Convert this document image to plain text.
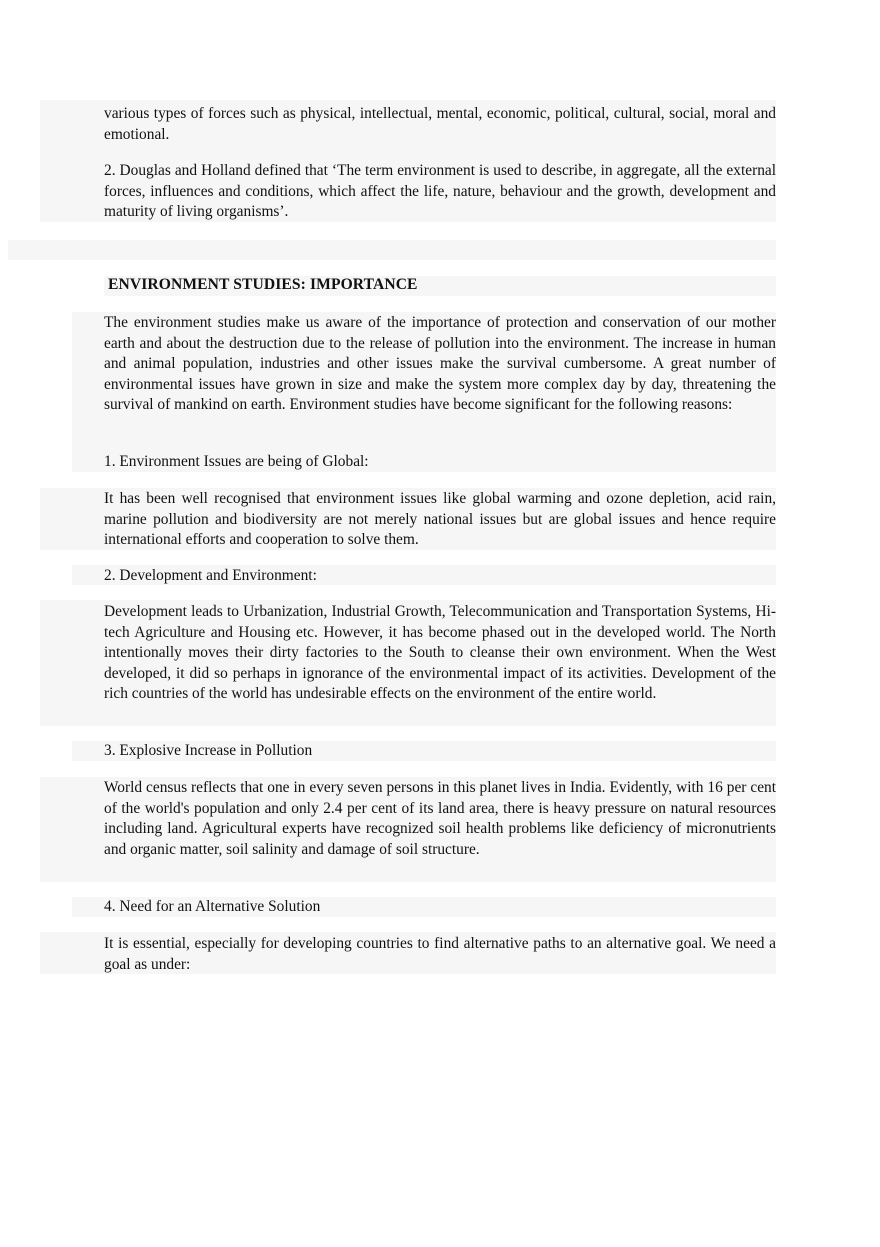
various types of forces such as physical, intellectual, mental, economic, political, cultural, social, moral and emotional.

2. Douglas and Holland defined that ‘The term environment is used to describe, in aggregate, all the external forces, influences and conditions, which affect the life, nature, behaviour and the growth, development and maturity of living organisms’.

ENVIRONMENT STUDIES: IMPORTANCE

The environment studies make us aware of the importance of protection and conservation of our mother earth and about the destruction due to the release of pollution into the environment. The increase in human and animal population, industries and other issues make the survival cumbersome. A great number of environmental issues have grown in size and make the system more complex day by day, threatening the survival of mankind on earth. Environment studies have become significant for the following reasons:

1. Environment Issues are being of Global:

It has been well recognised that environment issues like global warming and ozone depletion, acid rain, marine pollution and biodiversity are not merely national issues but are global issues and hence require international efforts and cooperation to solve them.

2. Development and Environment:

Development leads to Urbanization, Industrial Growth, Telecommunication and Transportation Systems, Hi-tech Agriculture and Housing etc. However, it has become phased out in the developed world. The North intentionally moves their dirty factories to the South to cleanse their own environment. When the West developed, it did so perhaps in ignorance of the environmental impact of its activities. Development of the rich countries of the world has undesirable effects on the environment of the entire world.

3. Explosive Increase in Pollution

World census reflects that one in every seven persons in this planet lives in India. Evidently, with 16 per cent of the world's population and only 2.4 per cent of its land area, there is heavy pressure on natural resources including land. Agricultural experts have recognized soil health problems like deficiency of micronutrients and organic matter, soil salinity and damage of soil structure.

4. Need for an Alternative Solution

It is essential, especially for developing countries to find alternative paths to an alternative goal. We need a goal as under:
